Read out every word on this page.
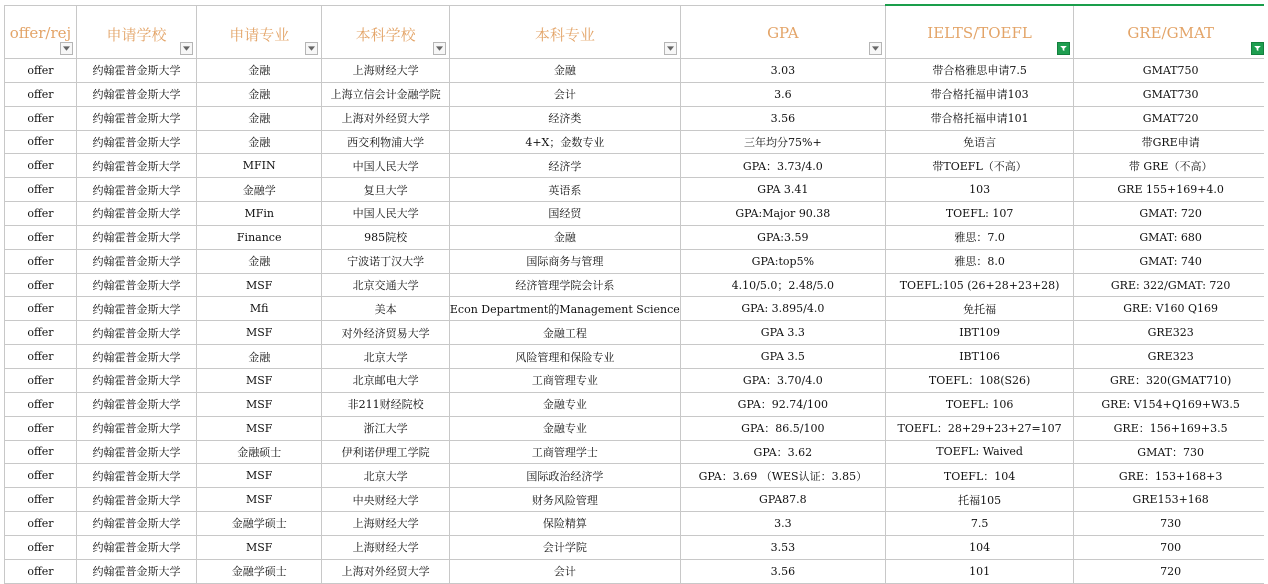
offer/rej	申请学校	申请专业	本科学校	本科专业	GPA	IELTS/TOEFL	GRE/GMAT

offer	约翰霍普金斯大学	金融	上海财经大学	金融	3.03	带合格雅思申请7.5	GMAT750
offer	约翰霍普金斯大学	金融	上海立信会计金融学院	会计	3.6	带合格托福申请103	GMAT730
offer	约翰霍普金斯大学	金融	上海对外经贸大学	经济类	3.56	带合格托福申请101	GMAT720
offer	约翰霍普金斯大学	金融	西交利物浦大学	4+X；金数专业	三年均分75%+	免语言	带GRE申请
offer	约翰霍普金斯大学	MFIN	中国人民大学	经济学	GPA：3.73/4.0	带TOEFL（不高）	带 GRE（不高）
offer	约翰霍普金斯大学	金融学	复旦大学	英语系	GPA 3.41	103	GRE 155+169+4.0
offer	约翰霍普金斯大学	MFin	中国人民大学	国经贸	GPA:Major 90.38	TOEFL: 107	GMAT: 720
offer	约翰霍普金斯大学	Finance	985院校	金融	GPA:3.59	雅思：7.0	GMAT: 680
offer	约翰霍普金斯大学	金融	宁波诺丁汉大学	国际商务与管理	GPA:top5%	雅思：8.0	GMAT: 740
offer	约翰霍普金斯大学	MSF	北京交通大学	经济管理学院会计系	4.10/5.0；2.48/5.0	TOEFL:105 (26+28+23+28)	GRE: 322/GMAT: 720
offer	约翰霍普金斯大学	Mfi	美本	Econ Department的Management Science	GPA: 3.895/4.0	免托福	GRE: V160 Q169
offer	约翰霍普金斯大学	MSF	对外经济贸易大学	金融工程	GPA 3.3	IBT109	GRE323
offer	约翰霍普金斯大学	金融	北京大学	风险管理和保险专业	GPA 3.5	IBT106	GRE323
offer	约翰霍普金斯大学	MSF	北京邮电大学	工商管理专业	GPA：3.70/4.0	TOEFL：108(S26)	GRE：320(GMAT710)
offer	约翰霍普金斯大学	MSF	非211财经院校	金融专业	GPA：92.74/100	TOEFL: 106	GRE: V154+Q169+W3.5
offer	约翰霍普金斯大学	MSF	浙江大学	金融专业	GPA：86.5/100	TOEFL：28+29+23+27=107	GRE：156+169+3.5
offer	约翰霍普金斯大学	金融硕士	伊利诺伊理工学院	工商管理学士	GPA：3.62	TOEFL: Waived	GMAT：730
offer	约翰霍普金斯大学	MSF	北京大学	国际政治经济学	GPA：3.69 （WES认证：3.85）	TOEFL：104	GRE：153+168+3
offer	约翰霍普金斯大学	MSF	中央财经大学	财务风险管理	GPA87.8	托福105	GRE153+168
offer	约翰霍普金斯大学	金融学硕士	上海财经大学	保险精算	3.3	7.5	730
offer	约翰霍普金斯大学	MSF	上海财经大学	会计学院	3.53	104	700
offer	约翰霍普金斯大学	金融学硕士	上海对外经贸大学	会计	3.56	101	720
